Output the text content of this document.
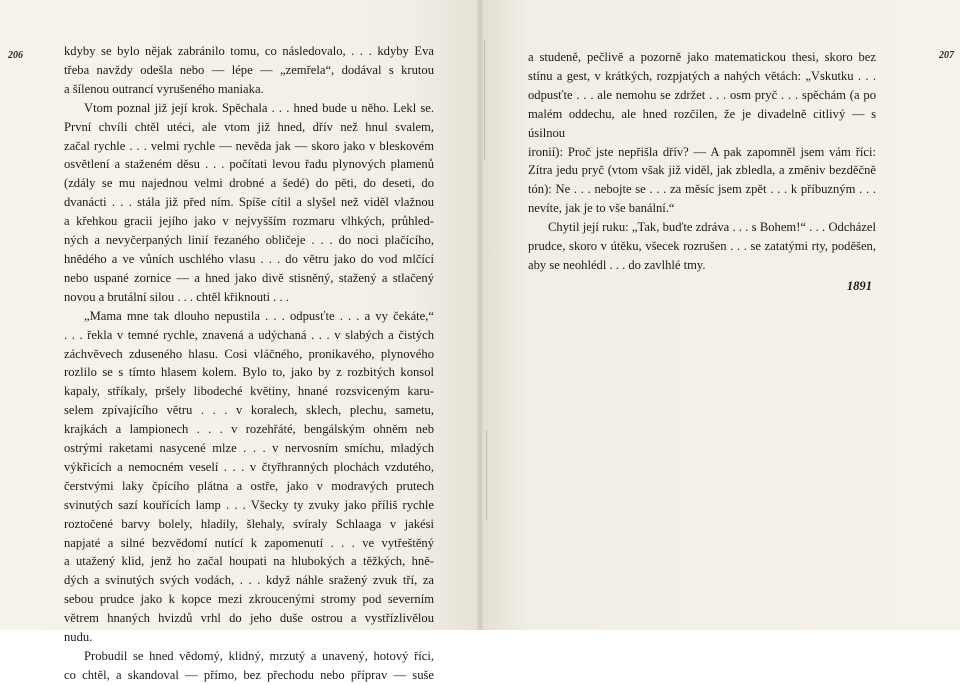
206	kdyby se bylo nějak zabránilo tomu, co následovalo, . . . kdyby Eva
třeba navždy odešla nebo — lépe — „zemřela“, dodával s krutou
a šílenou outrancí vyrušeného maniaka.
Vtom poznal již její krok. Spěchala . . . hned bude u něho. Lekl se.
První chvíli chtěl utéci, ale vtom již hned, dřív než hnul svalem,
začal rychle . . . velmi rychle — nevěda jak — skoro jako v bleskovém
osvětlení a staženém děsu . . . počítati levou řadu plynových plamenů
(zdály se mu najednou velmi drobné a šedé) do pěti, do deseti, do
dvanácti . . . stála již před ním. Spíše cítil a slyšel než viděl vlažnou
a křehkou gracii jejího jako v nejvyšším rozmaru vlhkých, průhled-
ných a nevyčerpaných linií řezaného obličeje . . . do noci plačícího,
hnědého a ve vůních uschlého vlasu . . . do větru jako do vod mlčící
nebo uspané zornice — a hned jako divě stisněný, stažený a stlačený
novou a brutální silou . . . chtěl křiknouti . . .
„Mama mne tak dlouho nepustila . . . odpusťte . . . a vy čekáte,“
. . . řekla v temné rychle, znavená a udýchaná . . . v slabých a čistých
záchvěvech zduseného hlasu. Cosi vláčného, pronikavého, plynového
rozlilo se s tímto hlasem kolem. Bylo to, jako by z rozbitých konsol
kapaly, stříkaly, pršely libodeché květiny, hnané rozsviceným karu-
selem zpívajícího větru . . . v koralech, sklech, plechu, sametu,
krajkách a lampionech . . . v rozehřáté, bengálským ohněm neb
ostrými raketami nasycené mlze . . . v nervosním smíchu, mladých
výkřicích a nemocném veselí . . . v čtyřhranných plochách vzdutého,
čerstvými laky čpícího plátna a ostře, jako v modravých prutech
svinutých sazí kouřících lamp . . . Všecky ty zvuky jako příliš rychle
roztočené barvy bolely, hladily, šlehaly, svíraly Schlaaga v jakési
napjaté a silné bezvědomí nutící k zapomenutí . . . ve vytřeštěný
a utažený klid, jenž ho začal houpati na hlubokých a těžkých, hně-
dých a svinutých svých vodách, . . . když náhle sražený zvuk tří, za
sebou prudce jako k kopce mezi zkroucenými stromy pod severním
větrem hnaných hvizdů vrhl do jeho duše ostrou a vystřízlivělou
nudu.
Probudil se hned vědomý, klidný, mrzutý a unavený, hotový říci,
co chtěl, a skandoval — přímo, bez přechodu nebo příprav — suše
207
a studeně, pečlivě a pozorně jako matematickou thesi, skoro bez
stínu a gest, v krátkých, rozpjatých a nahých větách: „Vskutku . . .
odpusťte . . . ale nemohu se zdržet . . . osm pryč . . . spěchám (a po
malém oddechu, ale hned rozčilen, že je divadelně citlivý — s úsilnou
ironií): Proč jste nepřišla dřív? — A pak zapomněl jsem vám říci:
Zítra jedu pryč (vtom však již viděl, jak zbledla, a změniv bezděčně
tón): Ne . . . nebojte se . . . za měsíc jsem zpět . . . k příbuzným . . .
nevíte, jak je to vše banální.“
Chytil její ruku: „Tak, buďte zdráva . . . s Bohem!“ . . . Odcházel
prudce, skoro v útěku, všecek rozrušen . . . se zatatými rty, poděšen,
aby se neohlédl . . . do zavlhlé tmy.
1891
